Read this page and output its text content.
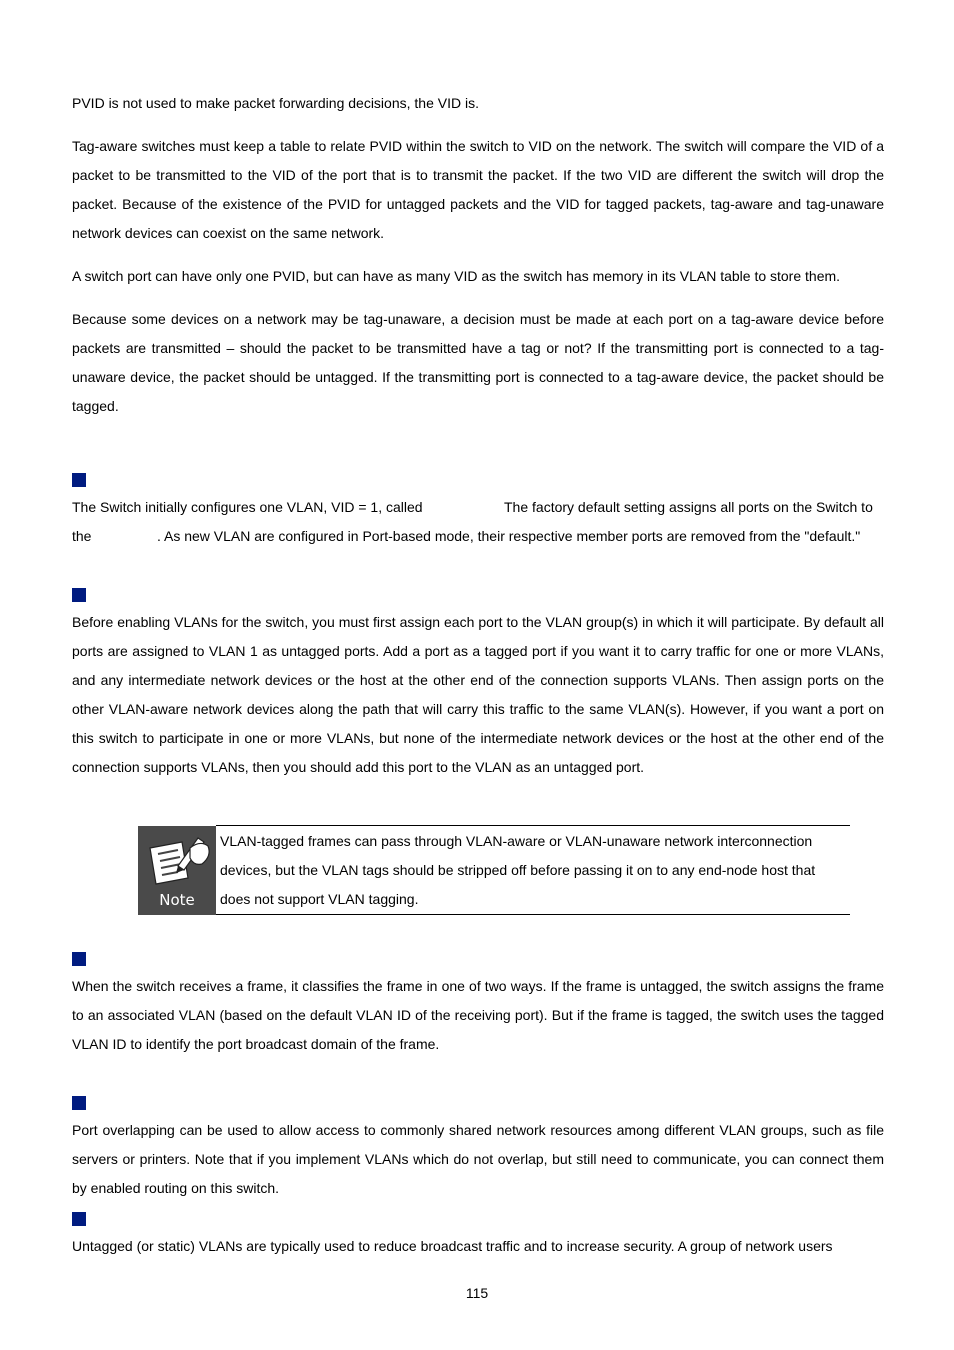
PVID is not used to make packet forwarding decisions, the VID is.

Tag-aware switches must keep a table to relate PVID within the switch to VID on the network. The switch will compare the VID of a packet to be transmitted to the VID of the port that is to transmit the packet. If the two VID are different the switch will drop the packet. Because of the existence of the PVID for untagged packets and the VID for tagged packets, tag-aware and tag-unaware network devices can coexist on the same network.

A switch port can have only one PVID, but can have as many VID as the switch has memory in its VLAN table to store them.

Because some devices on a network may be tag-unaware, a decision must be made at each port on a tag-aware device before packets are transmitted – should the packet to be transmitted have a tag or not? If the transmitting port is connected to a tag-unaware device, the packet should be untagged. If the transmitting port is connected to a tag-aware device, the packet should be tagged.

The Switch initially configures one VLAN, VID = 1, called	The factory default setting assigns all ports on the Switch to
the	. As new VLAN are configured in Port-based mode, their respective member ports are removed from the "default."

Before enabling VLANs for the switch, you must first assign each port to the VLAN group(s) in which it will participate. By default all ports are assigned to VLAN 1 as untagged ports. Add a port as a tagged port if you want it to carry traffic for one or more VLANs, and any intermediate network devices or the host at the other end of the connection supports VLANs. Then assign ports on the other VLAN-aware network devices along the path that will carry this traffic to the same VLAN(s). However, if you want a port on this switch to participate in one or more VLANs, but none of the intermediate network devices or the host at the other end of the connection supports VLANs, then you should add this port to the VLAN as an untagged port.

Note

VLAN-tagged frames can pass through VLAN-aware or VLAN-unaware network interconnection devices, but the VLAN tags should be stripped off before passing it on to any end-node host that does not support VLAN tagging.

When the switch receives a frame, it classifies the frame in one of two ways. If the frame is untagged, the switch assigns the frame to an associated VLAN (based on the default VLAN ID of the receiving port). But if the frame is tagged, the switch uses the tagged VLAN ID to identify the port broadcast domain of the frame.

Port overlapping can be used to allow access to commonly shared network resources among different VLAN groups, such as file servers or printers. Note that if you implement VLANs which do not overlap, but still need to communicate, you can connect them by enabled routing on this switch.

Untagged (or static) VLANs are typically used to reduce broadcast traffic and to increase security. A group of network users

115
